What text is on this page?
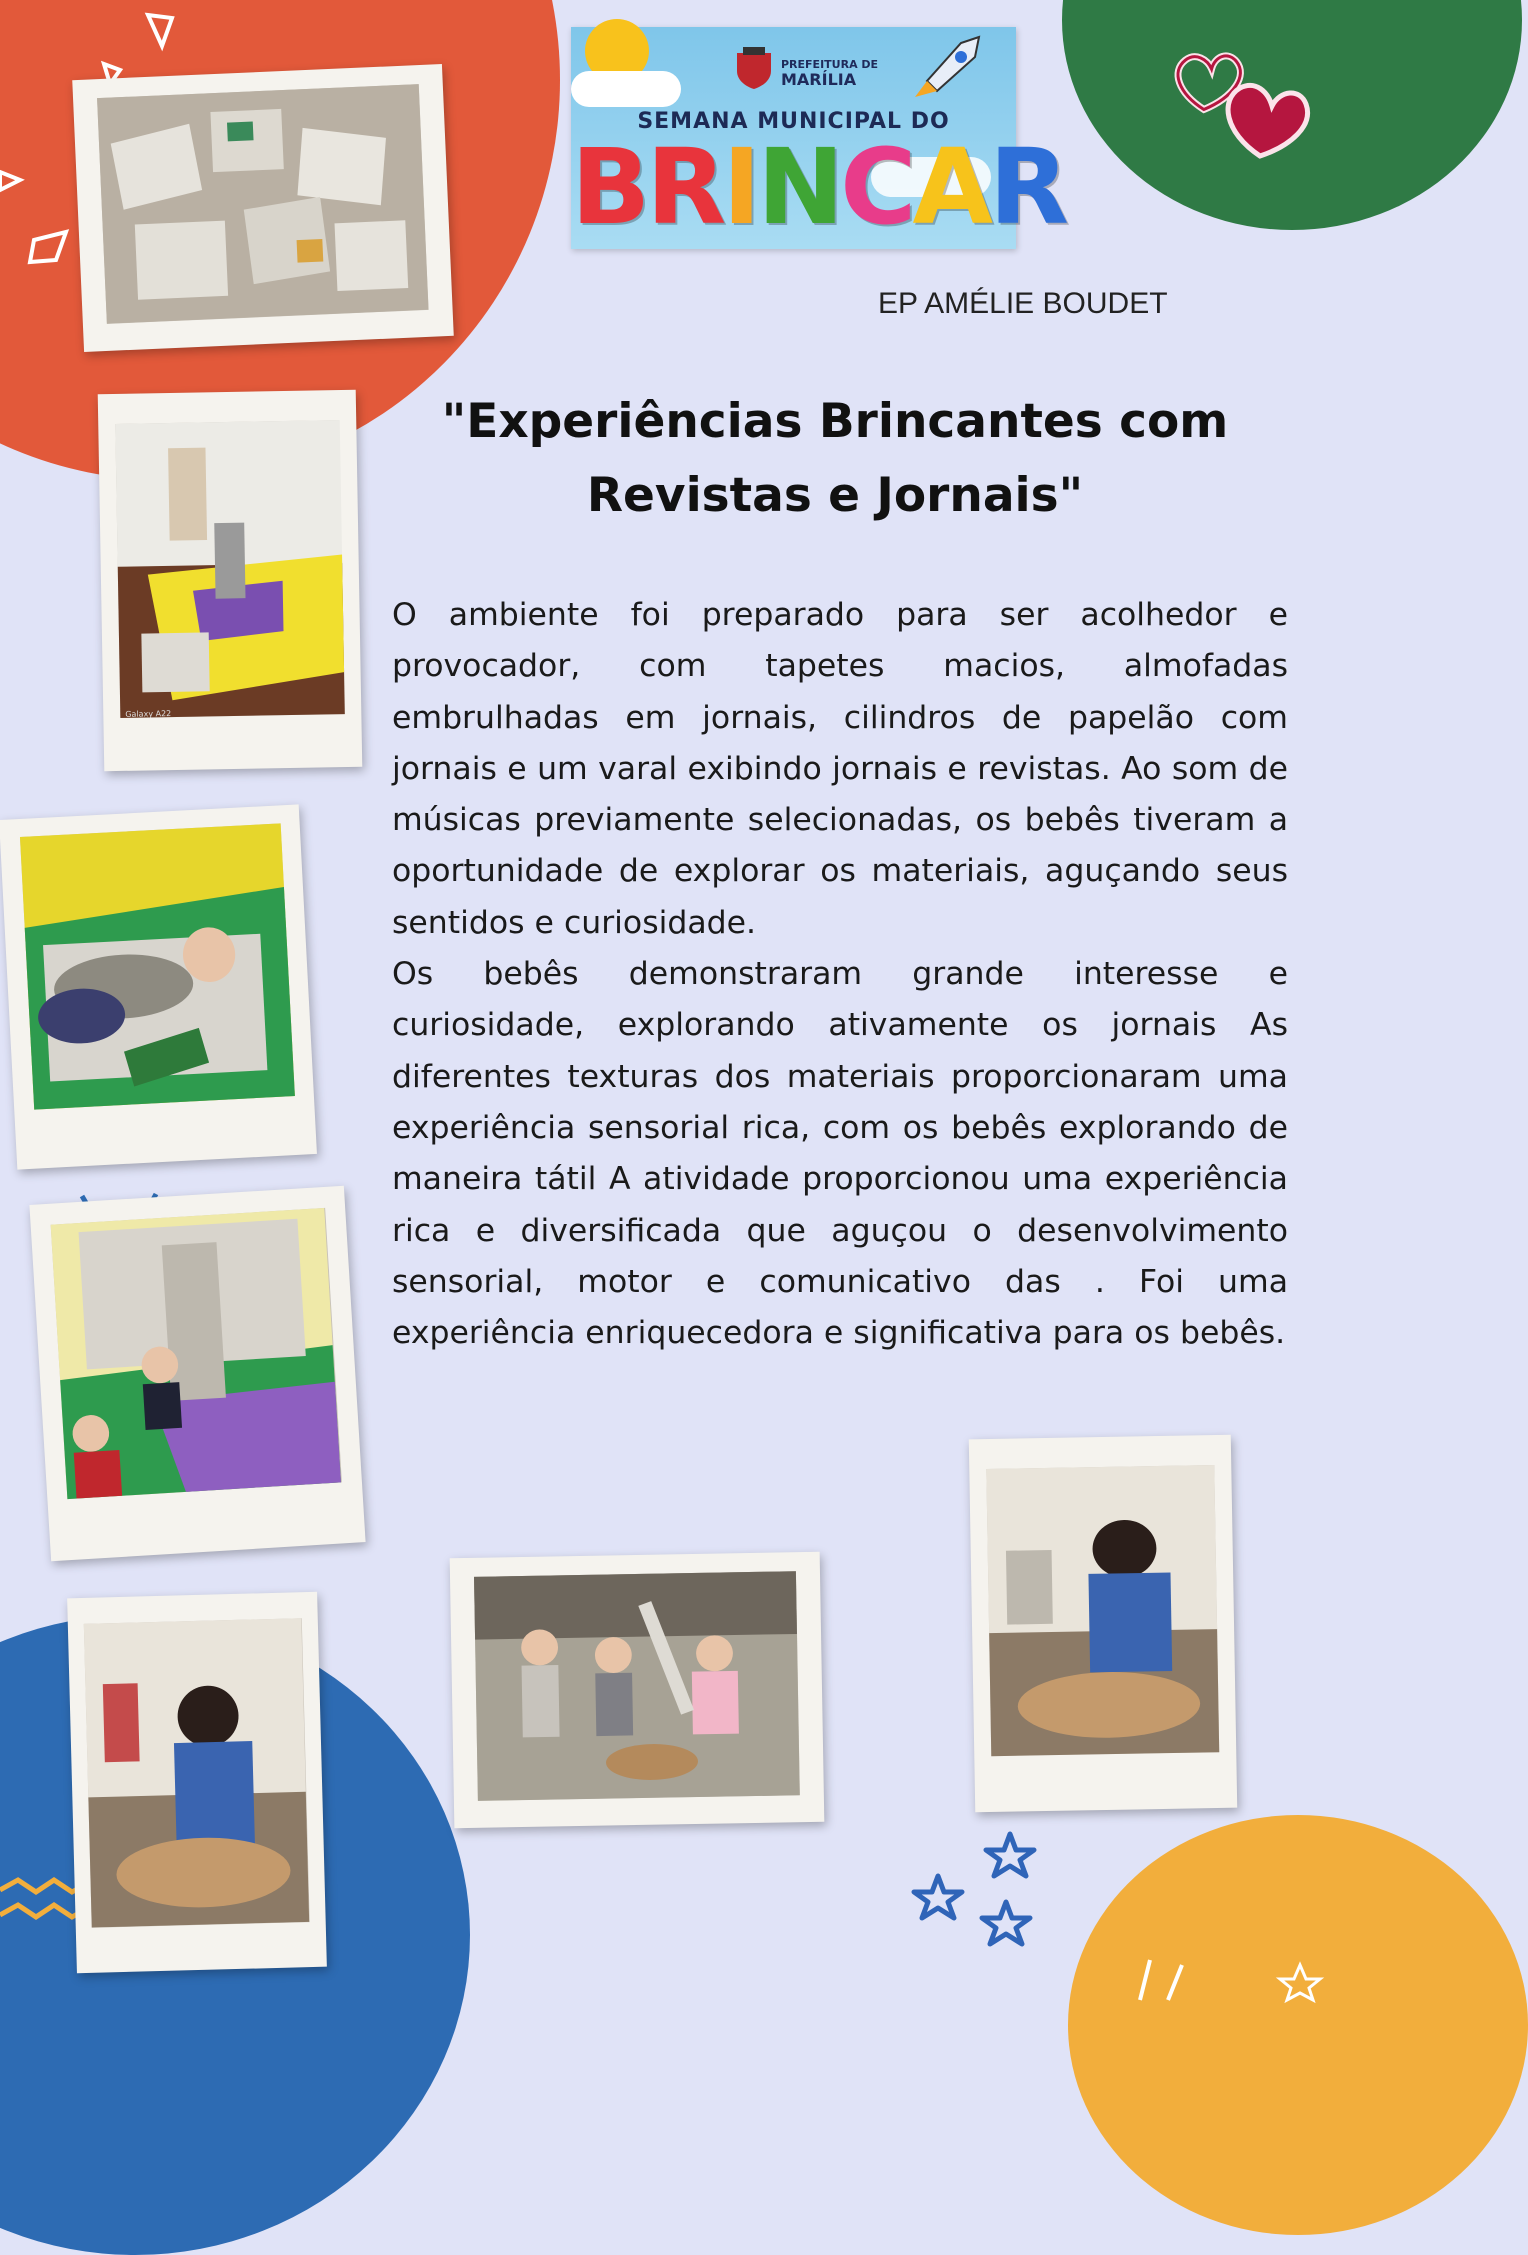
PREFEITURA DE
MARÍLIA
SEMANA MUNICIPAL DO
BRINCAR
EP AMÉLIE BOUDET
"Experiências Brincantes com
Revistas e Jornais"

O ambiente foi preparado para ser acolhedor e provocador, com tapetes macios, almofadas embrulhadas em jornais, cilindros de papelão com jornais e um varal exibindo jornais e revistas. Ao som de músicas previamente selecionadas, os bebês tiveram a oportunidade de explorar os materiais, aguçando seus sentidos e curiosidade.

Os bebês demonstraram grande interesse e curiosidade, explorando ativamente os jornais As diferentes texturas dos materiais proporcionaram uma experiência sensorial rica, com os bebês explorando de maneira tátil A atividade proporcionou uma experiência rica e diversificada que aguçou o desenvolvimento sensorial, motor e comunicativo das . Foi uma experiência enriquecedora e significativa para os bebês.

Galaxy A22
